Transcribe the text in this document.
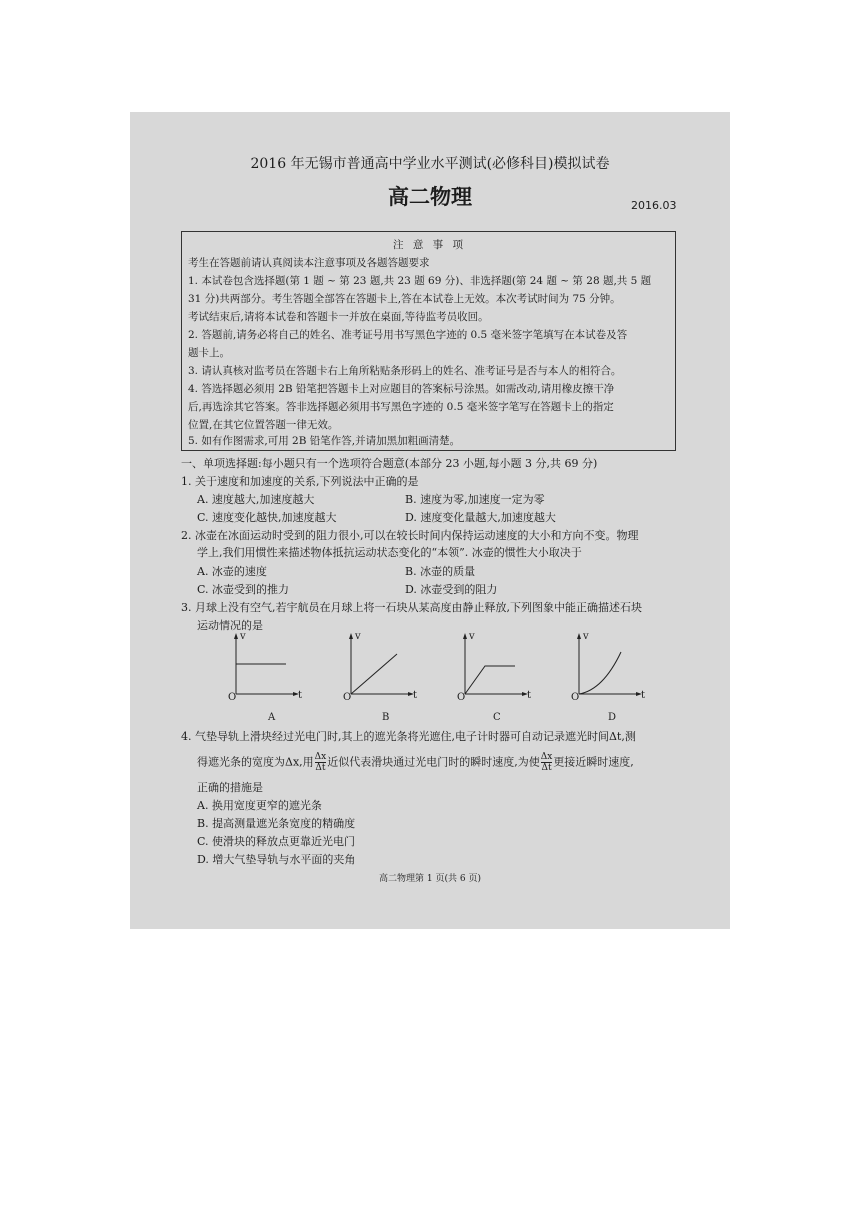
2016 年无锡市普通高中学业水平测试(必修科目)模拟试卷
高二物理	2016.03
注 意 事 项
考生在答题前请认真阅读本注意事项及各题答题要求
1. 本试卷包含选择题(第 1 题 ~ 第 23 题,共 23 题 69 分)、非选择题(第 24 题 ~ 第 28 题,共 5 题
31 分)共两部分。考生答题全部答在答题卡上,答在本试卷上无效。本次考试时间为 75 分钟。
考试结束后,请将本试卷和答题卡一并放在桌面,等待监考员收回。
2. 答题前,请务必将自己的姓名、准考证号用书写黑色字迹的 0.5 毫米签字笔填写在本试卷及答
题卡上。
3. 请认真核对监考员在答题卡右上角所粘贴条形码上的姓名、准考证号是否与本人的相符合。
4. 答选择题必须用 2B 铅笔把答题卡上对应题目的答案标号涂黑。如需改动,请用橡皮擦干净
后,再选涂其它答案。答非选择题必须用书写黑色字迹的 0.5 毫米签字笔写在答题卡上的指定
位置,在其它位置答题一律无效。
5. 如有作图需求,可用 2B 铅笔作答,并请加黑加粗画清楚。
一、单项选择题:每小题只有一个选项符合题意(本部分 23 小题,每小题 3 分,共 69 分)
1. 关于速度和加速度的关系,下列说法中正确的是
A. 速度越大,加速度越大	B. 速度为零,加速度一定为零
C. 速度变化越快,加速度越大	D. 速度变化量越大,加速度越大
2. 冰壶在冰面运动时受到的阻力很小,可以在较长时间内保持运动速度的大小和方向不变。物理
学上,我们用惯性来描述物体抵抗运动状态变化的“本领”. 冰壶的惯性大小取决于
A. 冰壶的速度	B. 冰壶的质量
C. 冰壶受到的推力	D. 冰壶受到的阻力
3. 月球上没有空气,若宇航员在月球上将一石块从某高度由静止释放,下列图象中能正确描述石块
运动情况的是
v
O	t
A
v
O	t
B
v
O	t
C
v
O	t
D
4. 气垫导轨上滑块经过光电门时,其上的遮光条将光遮住,电子计时器可自动记录遮光时间Δt,测
得遮光条的宽度为Δx,用 $\frac{\Delta x}{\Delta t}$ 近似代表滑块通过光电门时的瞬时速度,为使 $\frac{\Delta x}{\Delta t}$ 更接近瞬时速度,
正确的措施是
A. 换用宽度更窄的遮光条
B. 提高测量遮光条宽度的精确度
C. 使滑块的释放点更靠近光电门
D. 增大气垫导轨与水平面的夹角
高二物理第 1 页(共 6 页)
